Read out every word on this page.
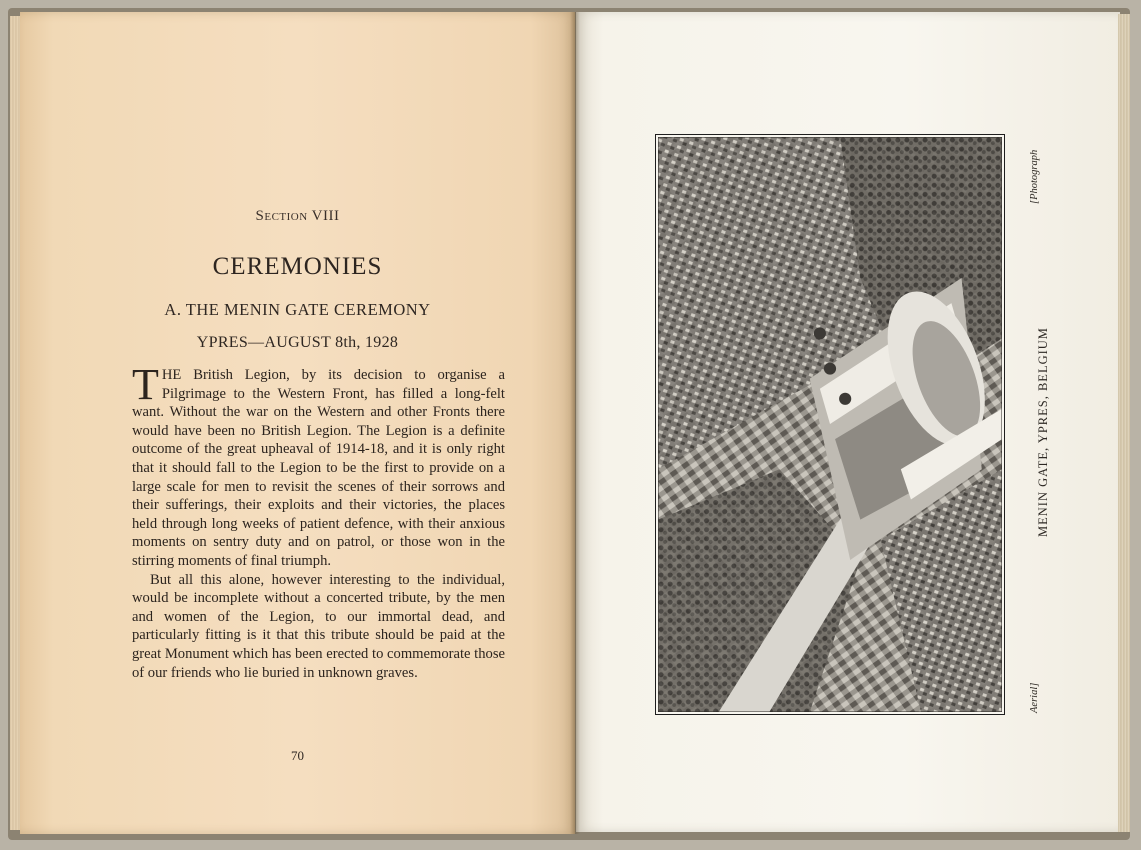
Section VIII
CEREMONIES
A. THE MENIN GATE CEREMONY
YPRES—AUGUST 8th, 1928

THE British Legion, by its decision to organise a Pilgrimage to the Western Front, has filled a long-felt want. Without the war on the Western and other Fronts there would have been no British Legion. The Legion is a definite outcome of the great upheaval of 1914-18, and it is only right that it should fall to the Legion to be the first to provide on a large scale for men to revisit the scenes of their sorrows and their sufferings, their exploits and their victories, the places held through long weeks of patient defence, with their anxious moments on sentry duty and on patrol, or those won in the stirring moments of final triumph.

But all this alone, however interesting to the individual, would be incomplete without a concerted tribute, by the men and women of the Legion, to our immortal dead, and particularly fitting is it that this tribute should be paid at the great Monument which has been erected to commemorate those of our friends who lie buried in unknown graves.

70
MENIN GATE, YPRES, BELGIUM
[Photograph
Aerial]
